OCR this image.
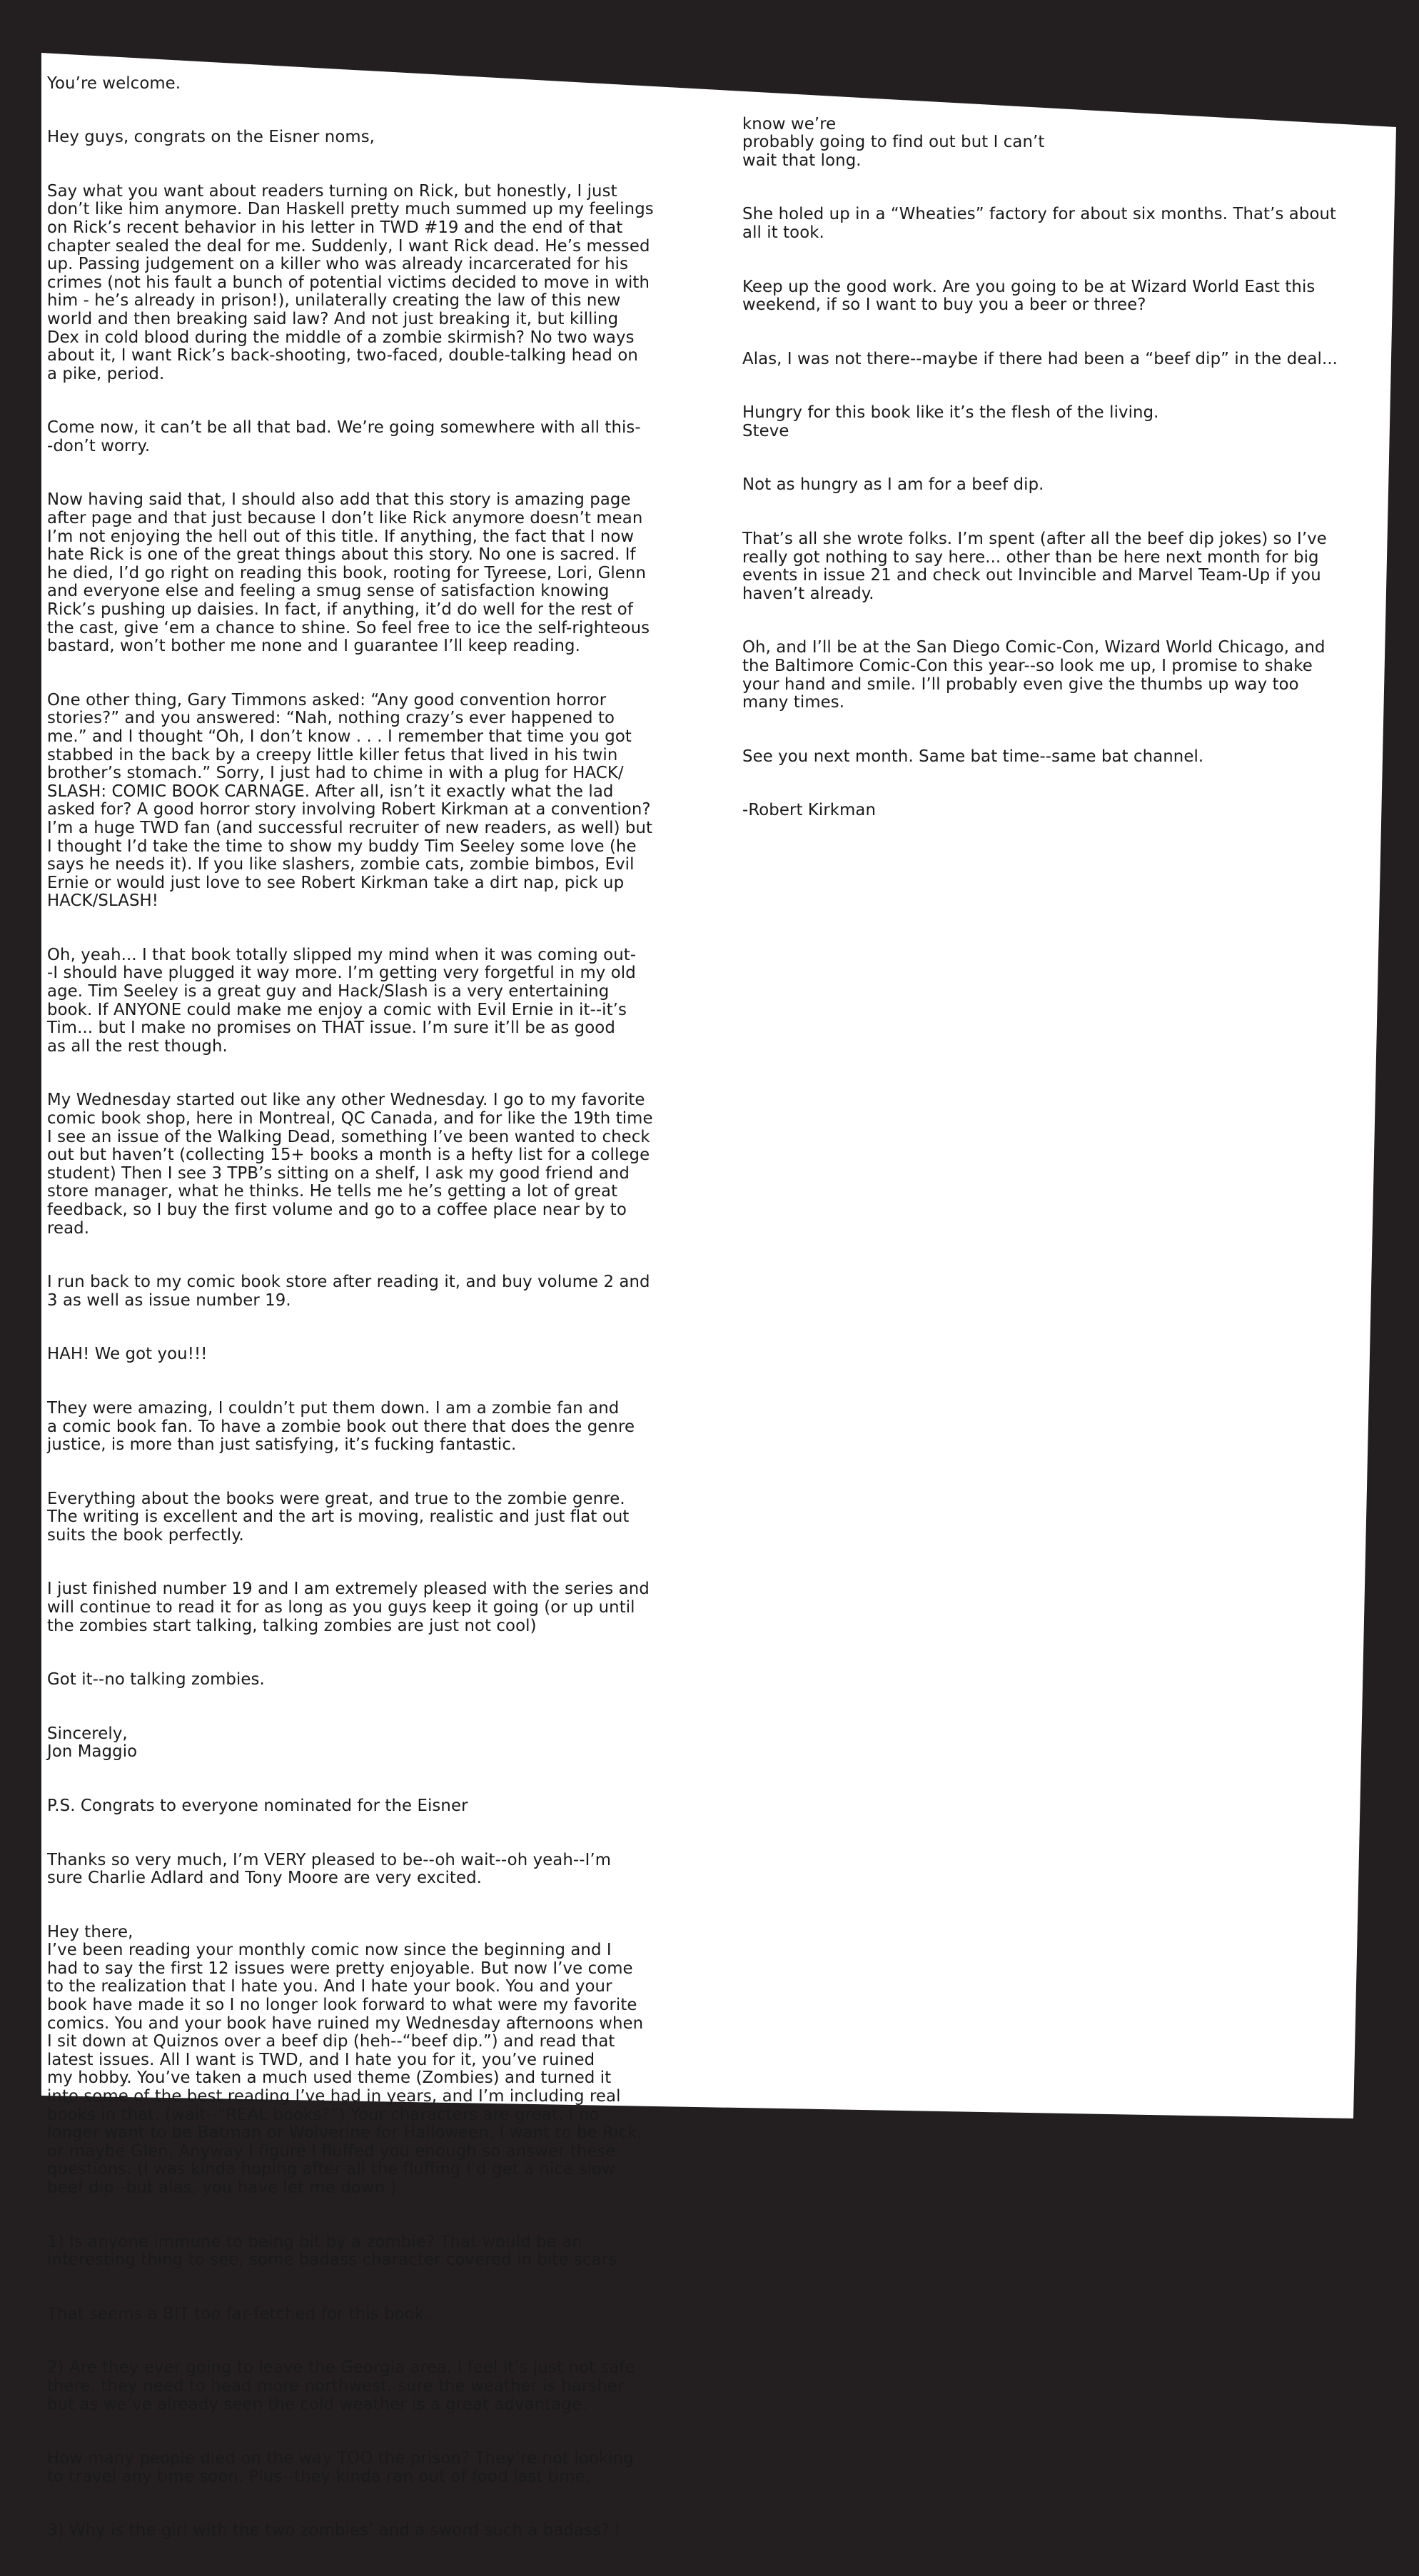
You’re welcome.

Hey guys, congrats on the Eisner noms,

Say what you want about readers turning on Rick, but honestly, I just
don’t like him anymore. Dan Haskell pretty much summed up my feelings
on Rick’s recent behavior in his letter in TWD #19 and the end of that
chapter sealed the deal for me. Suddenly, I want Rick dead. He’s messed
up. Passing judgement on a killer who was already incarcerated for his
crimes (not his fault a bunch of potential victims decided to move in with
him - he’s already in prison!), unilaterally creating the law of this new
world and then breaking said law? And not just breaking it, but killing
Dex in cold blood during the middle of a zombie skirmish? No two ways
about it, I want Rick’s back-shooting, two-faced, double-talking head on
a pike, period.

Come now, it can’t be all that bad. We’re going somewhere with all this-
-don’t worry.

Now having said that, I should also add that this story is amazing page
after page and that just because I don’t like Rick anymore doesn’t mean
I’m not enjoying the hell out of this title. If anything, the fact that I now
hate Rick is one of the great things about this story. No one is sacred. If
he died, I’d go right on reading this book, rooting for Tyreese, Lori, Glenn
and everyone else and feeling a smug sense of satisfaction knowing
Rick’s pushing up daisies. In fact, if anything, it’d do well for the rest of
the cast, give ‘em a chance to shine. So feel free to ice the self-righteous
bastard, won’t bother me none and I guarantee I’ll keep reading.

One other thing, Gary Timmons asked: “Any good convention horror
stories?” and you answered: “Nah, nothing crazy’s ever happened to
me.” and I thought “Oh, I don’t know . . . I remember that time you got
stabbed in the back by a creepy little killer fetus that lived in his twin
brother’s stomach.” Sorry, I just had to chime in with a plug for HACK/
SLASH: COMIC BOOK CARNAGE. After all, isn’t it exactly what the lad
asked for? A good horror story involving Robert Kirkman at a convention?
I’m a huge TWD fan (and successful recruiter of new readers, as well) but
I thought I’d take the time to show my buddy Tim Seeley some love (he
says he needs it). If you like slashers, zombie cats, zombie bimbos, Evil
Ernie or would just love to see Robert Kirkman take a dirt nap, pick up
HACK/SLASH!

Oh, yeah... I that book totally slipped my mind when it was coming out-
-I should have plugged it way more. I’m getting very forgetful in my old
age. Tim Seeley is a great guy and Hack/Slash is a very entertaining
book. If ANYONE could make me enjoy a comic with Evil Ernie in it--it’s
Tim... but I make no promises on THAT issue. I’m sure it’ll be as good
as all the rest though.

My Wednesday started out like any other Wednesday. I go to my favorite
comic book shop, here in Montreal, QC Canada, and for like the 19th time
I see an issue of the Walking Dead, something I’ve been wanted to check
out but haven’t (collecting 15+ books a month is a hefty list for a college
student) Then I see 3 TPB’s sitting on a shelf, I ask my good friend and
store manager, what he thinks. He tells me he’s getting a lot of great
feedback, so I buy the first volume and go to a coffee place near by to
read.

I run back to my comic book store after reading it, and buy volume 2 and
3 as well as issue number 19.

HAH! We got you!!!

They were amazing, I couldn’t put them down. I am a zombie fan and
a comic book fan. To have a zombie book out there that does the genre
justice, is more than just satisfying, it’s fucking fantastic.

Everything about the books were great, and true to the zombie genre.
The writing is excellent and the art is moving, realistic and just flat out
suits the book perfectly.

I just finished number 19 and I am extremely pleased with the series and
will continue to read it for as long as you guys keep it going (or up until
the zombies start talking, talking zombies are just not cool)

Got it--no talking zombies.

Sincerely,
Jon Maggio

P.S. Congrats to everyone nominated for the Eisner

Thanks so very much, I’m VERY pleased to be--oh wait--oh yeah--I’m
sure Charlie Adlard and Tony Moore are very excited.

Hey there,
I’ve been reading your monthly comic now since the beginning and I
had to say the first 12 issues were pretty enjoyable. But now I’ve come
to the realization that I hate you. And I hate your book. You and your
book have made it so I no longer look forward to what were my favorite
comics. You and your book have ruined my Wednesday afternoons when
I sit down at Quiznos over a beef dip (heh--“beef dip.”) and read that
latest issues. All I want is TWD, and I hate you for it, you’ve ruined
my hobby. You’ve taken a much used theme (Zombies) and turned it
into some of the best reading I’ve had in years, and I’m including real
books in that. (wait--“REAL books?”) Your characters are great. I no
longer want to be Batman or Wolverine for Halloween, I want to be Rick,
or maybe Glen. Anyway I figure I fluffed you enough so answer these
questions. (I was kinda hoping after all the fluffing I’d get a nice slow
beef dip--but alas, you have let me down.)

1) Is anyone immune to being bit by a zombie? That would be an
interesting thing to see, some badass character covered in bite scars.

That seems a BIT too far-fetched for this book.

2) Are they ever going to leave the Georgia area, I feel it’s just not safe
there, they need to head more northwest, sure the weather is harsher
but as we’ve already seen the cold weather is a great advantage.

How many people died on the way TOO the prison? They’re not looking
to travel any time soon. Plus--they kinda ran out of food last time.

3) Why is the girl with the two zombies’ and a sword such a badass? I

know we’re
probably going to find out but I can’t
wait that long.

She holed up in a “Wheaties” factory for about six months. That’s about
all it took.

Keep up the good work. Are you going to be at Wizard World East this
weekend, if so I want to buy you a beer or three?

Alas, I was not there--maybe if there had been a “beef dip” in the deal...

Hungry for this book like it’s the flesh of the living.
Steve

Not as hungry as I am for a beef dip.

That’s all she wrote folks. I’m spent (after all the beef dip jokes) so I’ve
really got nothing to say here... other than be here next month for big
events in issue 21 and check out Invincible and Marvel Team-Up if you
haven’t already.

Oh, and I’ll be at the San Diego Comic-Con, Wizard World Chicago, and
the Baltimore Comic-Con this year--so look me up, I promise to shake
your hand and smile. I’ll probably even give the thumbs up way too
many times.

See you next month. Same bat time--same bat channel.

-Robert Kirkman
